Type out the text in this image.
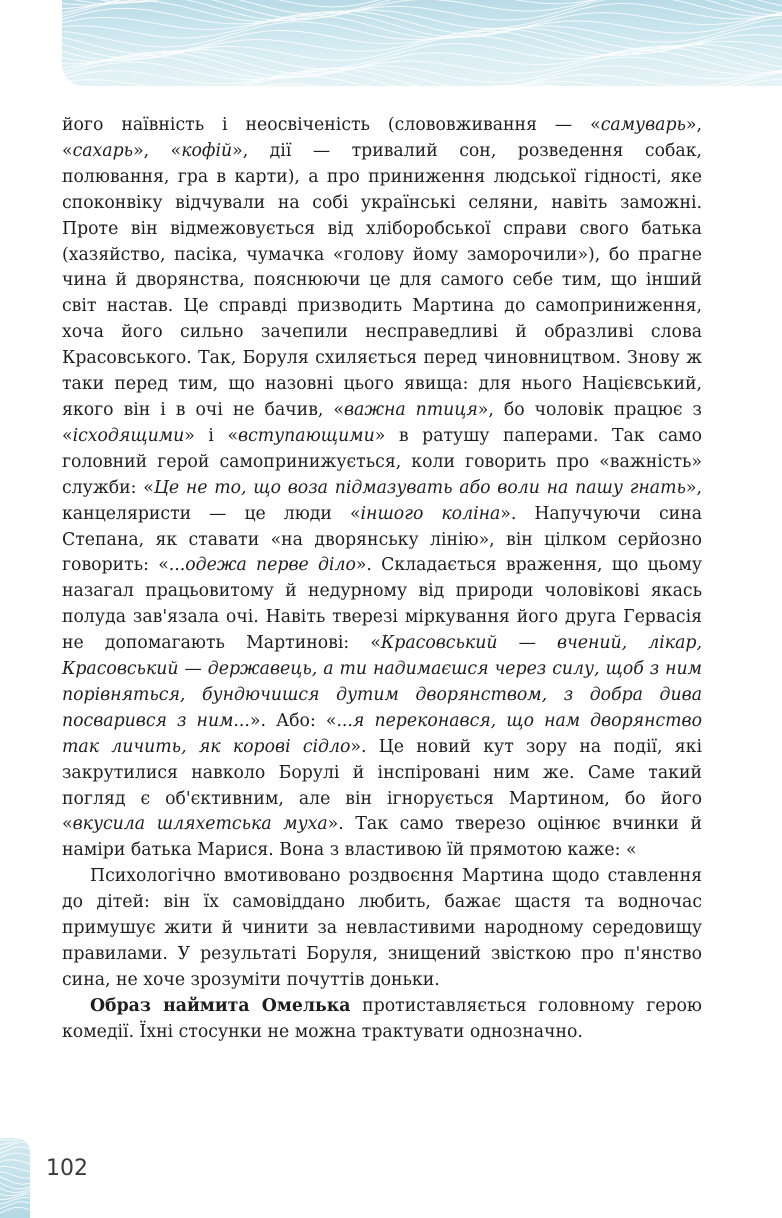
його наївність і неосвіченість (слововживання — «самуварь», «сахарь», «кофій», дії — тривалий сон, розведення собак, полювання, гра в карти), а про приниження людської гідності, яке споконвіку відчували на собі українські селяни, навіть заможні. Проте він відмежовується від хліборобської справи свого батька (хазяйство, пасіка, чумачка «голову йому заморочили»), бо прагне чина й дворянства, пояснюючи це для самого себе тим, що інший світ настав. Це справді призводить Мартина до самоприниження, хоча його сильно зачепили несправедливі й образливі слова Красовського. Так, Боруля схиляється перед чиновництвом. Знову ж таки перед тим, що назовні цього явища: для нього Націєвський, якого він і в очі не бачив, «важна птиця», бо чоловік працює з «ісходящими» і «вступающими» в ратушу паперами. Так само головний герой самопринижується, коли говорить про «важність» служби: «Це не то, що воза підмазувать або воли на пашу гнать», канцеляристи — це люди «іншого коліна». Напучуючи сина Степана, як ставати «на дворянську лінію», він цілком серйозно говорить: «...одежа перве діло». Складається враження, що цьому назагал працьовитому й недурному від природи чоловікові якась полуда зав'язала очі. Навіть тверезі міркування його друга Гервасія не допомагають Мартинові: «Красовський — вчений, лікар, Красовський — державець, а ти надимаєшся через силу, щоб з ним порівняться, бундючишся дутим дворянством, з добра дива посварився з ним...». Або: «...я переконався, що нам дворянство так личить, як корові сідло». Це новий кут зору на події, які закрутилися навколо Борулі й інспіровані ним же. Саме такий погляд є об'єктивним, але він ігнорується Мартином, бо його «вкусила шляхетська муха». Так само тверезо оцінює вчинки й наміри батька Марися. Вона з властивою їй прямотою каже: «

Психологічно вмотивовано роздвоєння Мартина щодо ставлення до дітей: він їх самовіддано любить, бажає щастя та водночас примушує жити й чинити за невластивими народному середовищу правилами. У результаті Боруля, знищений звісткою про п'янство сина, не хоче зрозуміти почуттів доньки.

Образ наймита Омелька протиставляється головному герою комедії. Їхні стосунки не можна трактувати однозначно.

102
